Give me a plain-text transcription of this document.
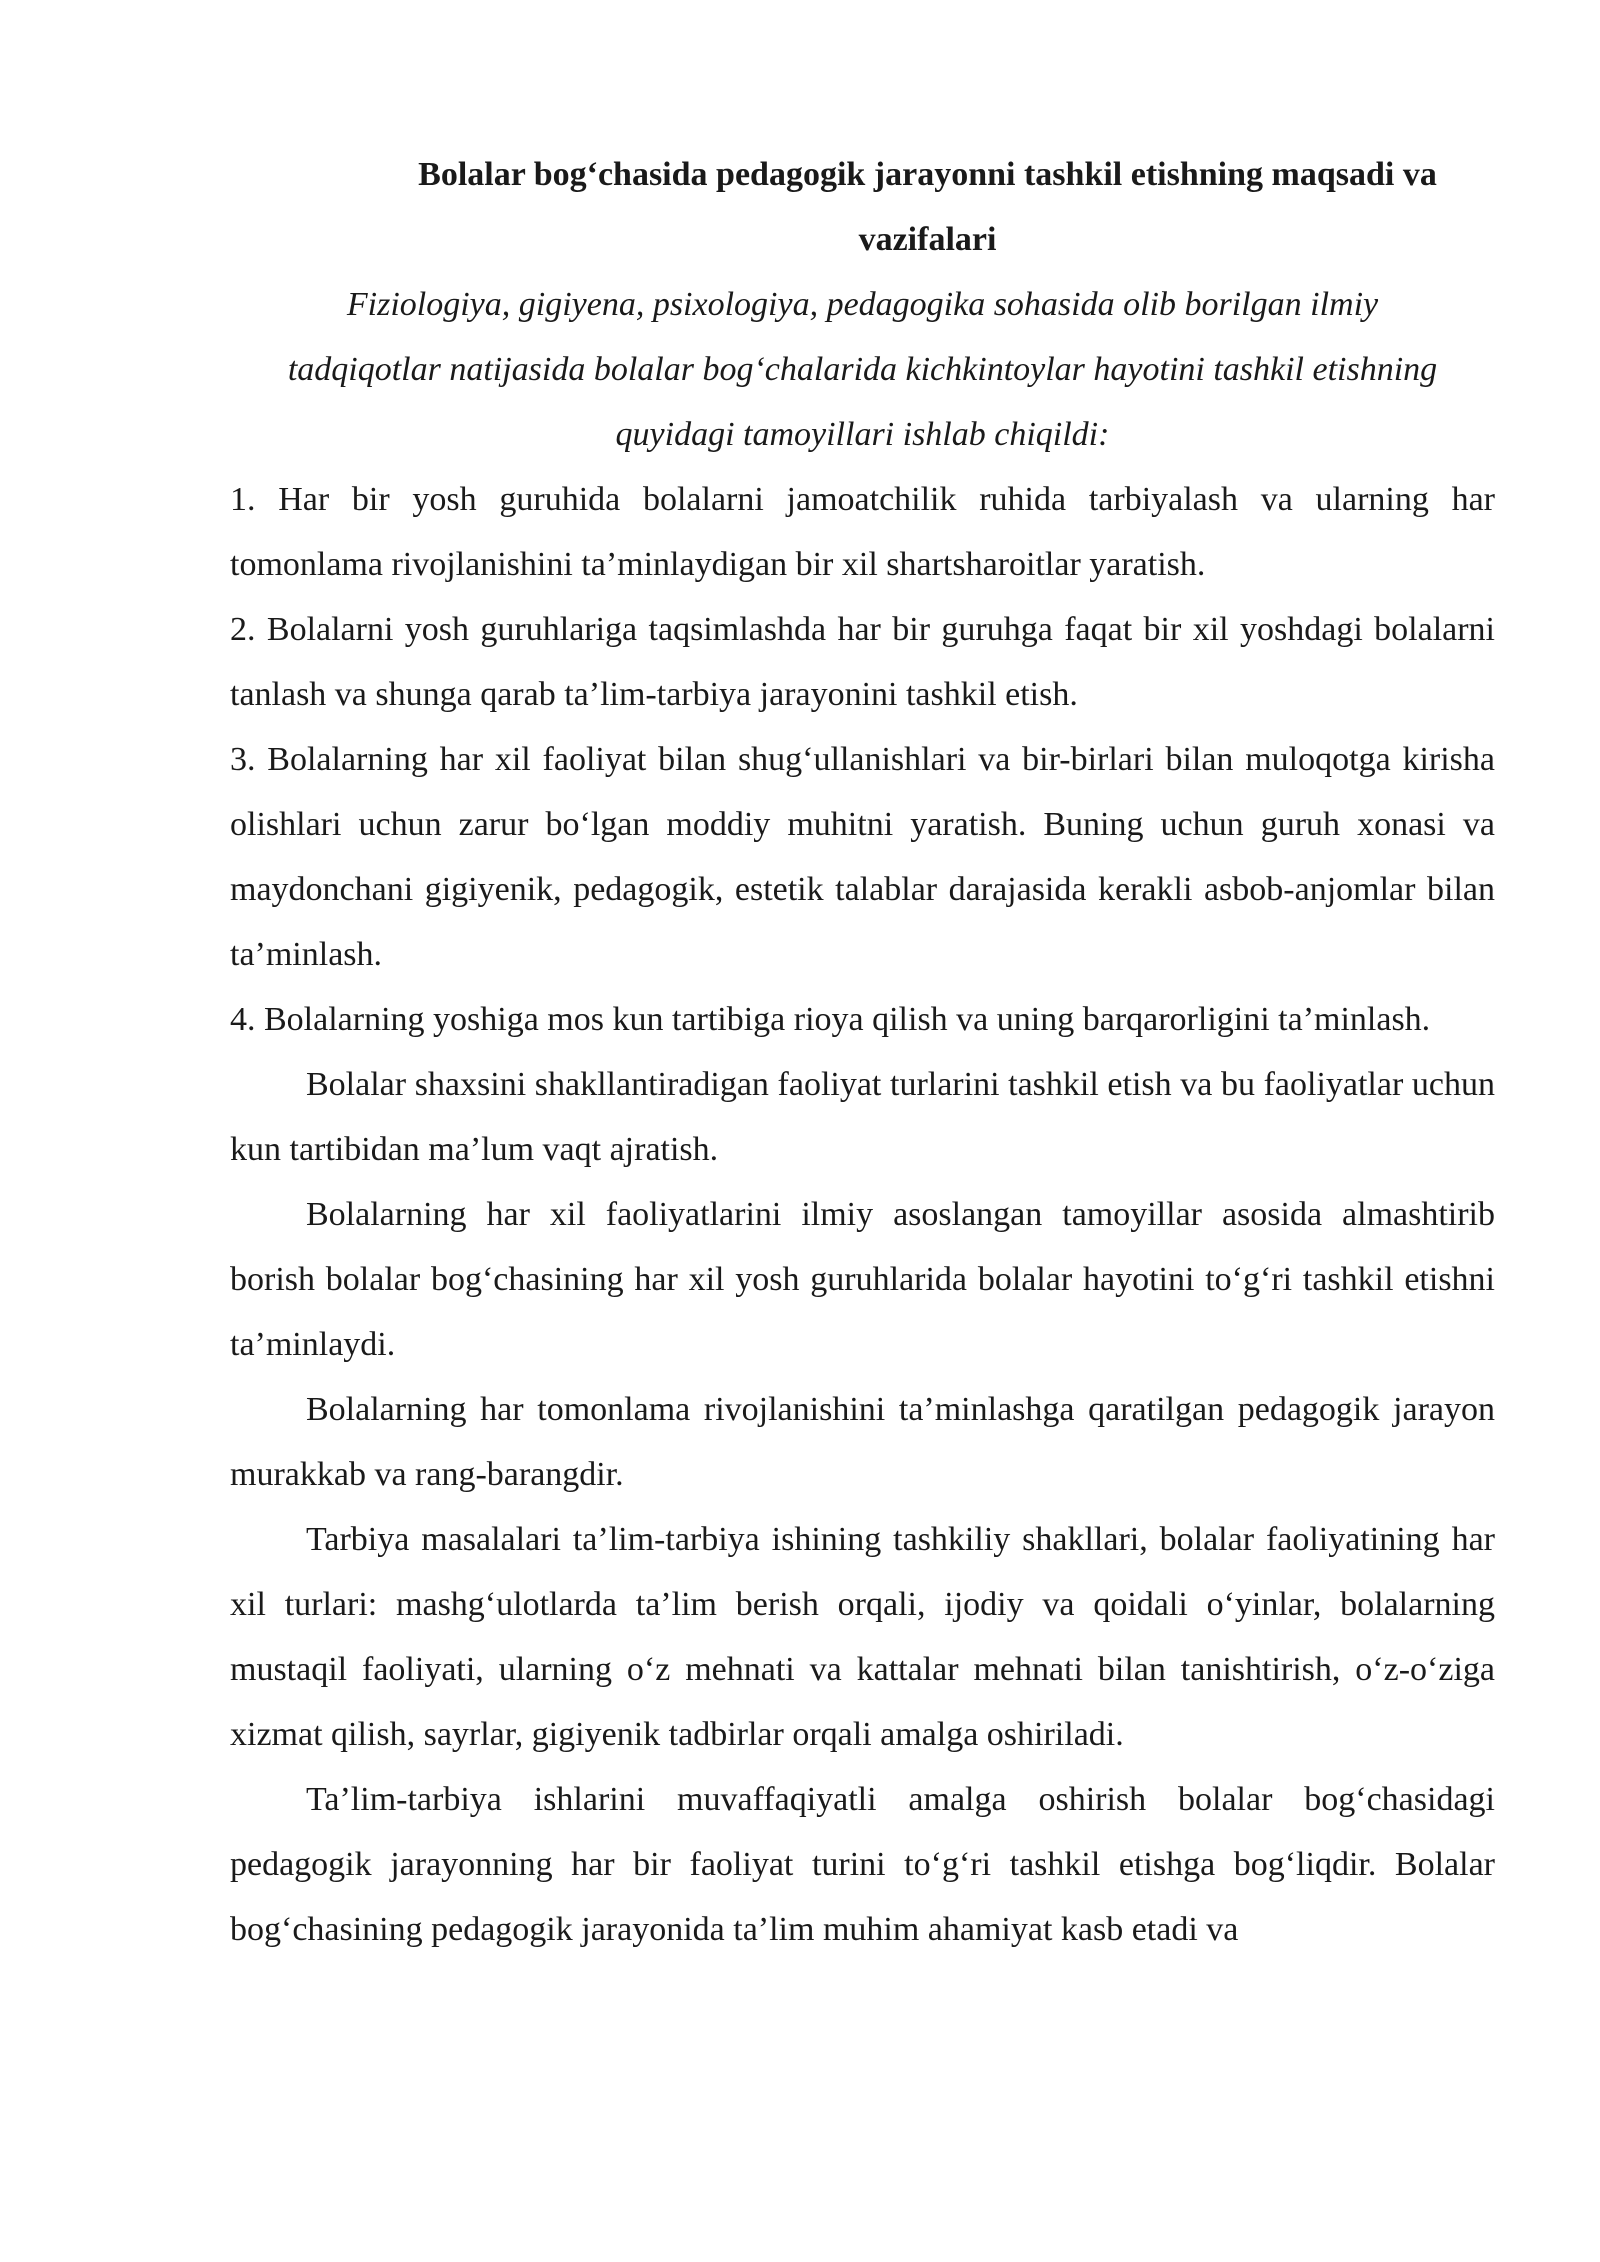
Bolalar bog‘chasida pedagogik jarayonni tashkil etishning maqsadi va vazifalari

Fiziologiya, gigiyena, psixologiya, pedagogika sohasida olib borilgan ilmiy tadqiqotlar natijasida bolalar bog‘chalarida kichkintoylar hayotini tashkil etishning quyidagi tamoyillari ishlab chiqildi:

1. Har bir yosh guruhida bolalarni jamoatchilik ruhida tarbiyalash va ularning har tomonlama rivojlanishini ta’minlaydigan bir xil shartsharoitlar yaratish.

2. Bolalarni yosh guruhlariga taqsimlashda har bir guruhga faqat bir xil yoshdagi bolalarni tanlash va shunga qarab ta’lim-tarbiya jarayonini tashkil etish.

3. Bolalarning har xil faoliyat bilan shug‘ullanishlari va bir-birlari bilan muloqotga kirisha olishlari uchun zarur bo‘lgan moddiy muhitni yaratish. Buning uchun guruh xonasi va maydonchani gigiyenik, pedagogik, estetik talablar darajasida kerakli asbob-anjomlar bilan ta’minlash.

4. Bolalarning yoshiga mos kun tartibiga rioya qilish va uning barqarorligini ta’minlash.

Bolalar shaxsini shakllantiradigan faoliyat turlarini tashkil etish va bu faoliyatlar uchun kun tartibidan ma’lum vaqt ajratish.

Bolalarning har xil faoliyatlarini ilmiy asoslangan tamoyillar asosida almashtirib borish bolalar bog‘chasining har xil yosh guruhlarida bolalar hayotini to‘g‘ri tashkil etishni ta’minlaydi.

Bolalarning har tomonlama rivojlanishini ta’minlashga qaratilgan pedagogik jarayon murakkab va rang-barangdir.

Tarbiya masalalari ta’lim-tarbiya ishining tashkiliy shakllari, bolalar faoliyatining har xil turlari: mashg‘ulotlarda ta’lim berish orqali, ijodiy va qoidali o‘yinlar, bolalarning mustaqil faoliyati, ularning o‘z mehnati va kattalar mehnati bilan tanishtirish, o‘z-o‘ziga xizmat qilish, sayrlar, gigiyenik tadbirlar orqali amalga oshiriladi.

Ta’lim-tarbiya ishlarini muvaffaqiyatli amalga oshirish bolalar bog‘chasidagi pedagogik jarayonning har bir faoliyat turini to‘g‘ri tashkil etishga bog‘liqdir. Bolalar bog‘chasining pedagogik jarayonida ta’lim muhim ahamiyat kasb etadi va
